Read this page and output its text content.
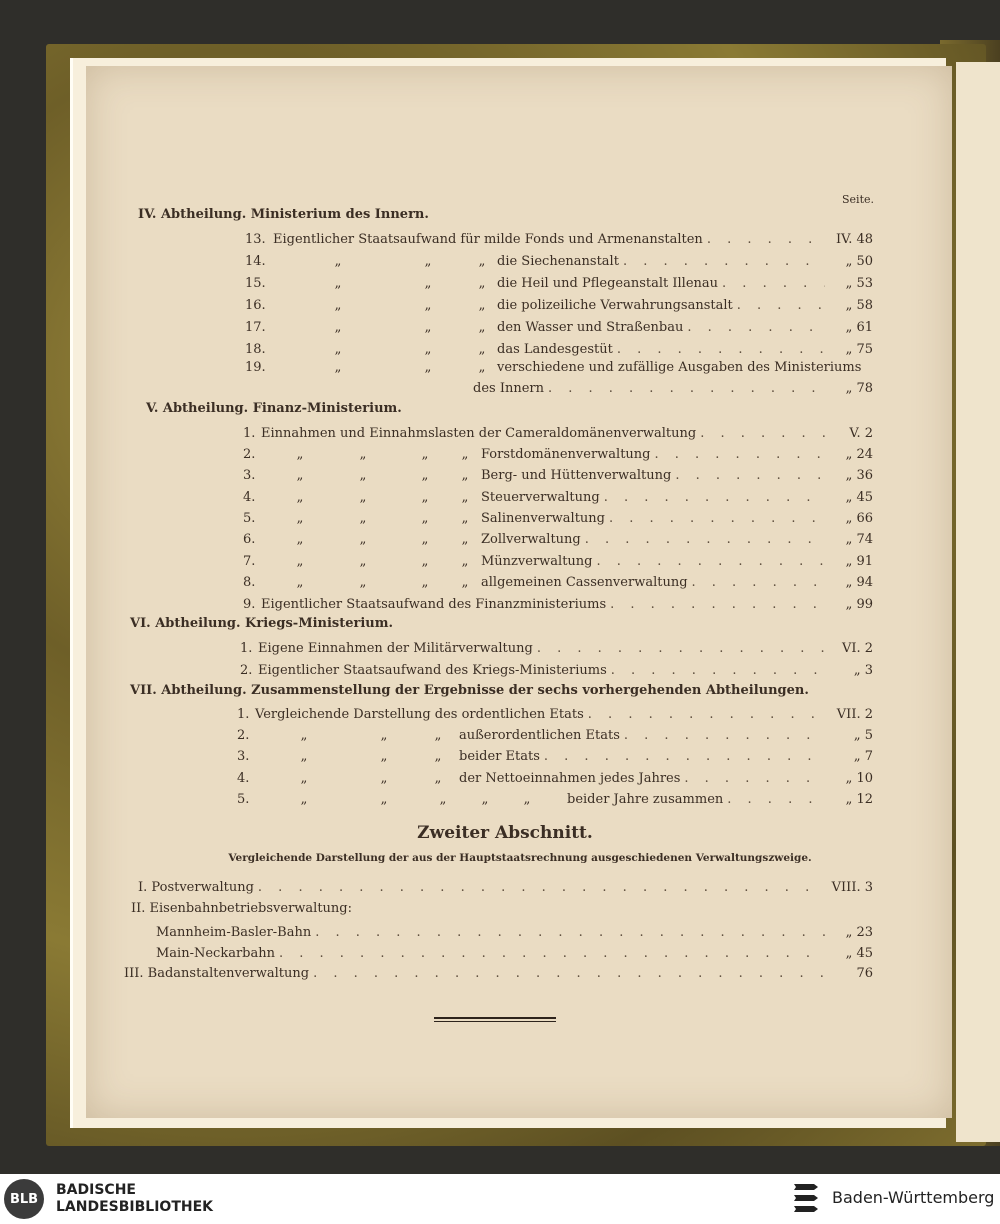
Seite.
IV. Abtheilung. Ministerium des Innern.
13. Eigentlicher Staatsaufwand für milde Fonds und Armenanstalten . . .	IV. 48
14.	„	„	„ die Siechenanstalt . . .	„ 50
15.	„	„	„ die Heil und Pflegeanstalt Illenau . . .	„ 53
16.	„	„	„ die polizeiliche Verwahrungsanstalt . . .	„ 58
17.	„	„	„ den Wasser und Straßenbau . . .	„ 61
18.	„	„	„ das Landesgestüt . . .	„ 75
19.	„	„	„ verschiedene und zufällige Ausgaben des Ministeriums
des Innern . . .	„ 78
V. Abtheilung. Finanz-Ministerium.
1. Einnahmen und Einnahmslasten der Cameraldomänenverwaltung . . .	V. 2
2.	„	„	„	„ Forstdomänenverwaltung . . .	„ 24
3.	„	„	„	„ Berg- und Hüttenverwaltung . . .	„ 36
4.	„	„	„	„ Steuerverwaltung . . .	„ 45
5.	„	„	„	„ Salinenverwaltung . . .	„ 66
6.	„	„	„	„ Zollverwaltung . . .	„ 74
7.	„	„	„	„ Münzverwaltung . . .	„ 91
8.	„	„	„	„ allgemeinen Cassenverwaltung . . .	„ 94
9. Eigentlicher Staatsaufwand des Finanzministeriums . . .	„ 99
VI. Abtheilung. Kriegs-Ministerium.
1. Eigene Einnahmen der Militärverwaltung . . .	VI. 2
2. Eigentlicher Staatsaufwand des Kriegs-Ministeriums . . .	„ 3
VII. Abtheilung. Zusammenstellung der Ergebnisse der sechs vorhergehenden Abtheilungen.
1. Vergleichende Darstellung des ordentlichen Etats . . .	VII. 2
2.	„	„	„	außerordentlichen Etats . . .	„ 5
3.	„	„	„	beider Etats . . .	„ 7
4.	„	„	„	der Nettoeinnahmen jedes Jahres . . .	„ 10
5.	„	„	„	„	„	beider Jahre zusammen . . .	„ 12
Zweiter Abschnitt.
Vergleichende Darstellung der aus der Hauptstaatsrechnung ausgeschiedenen Verwaltungszweige.
I. Postverwaltung . . .	VIII. 3
II. Eisenbahnbetriebsverwaltung:
Mannheim-Basler-Bahn . . .	„ 23
Main-Neckarbahn . . .	„ 45
III. Badanstaltenverwaltung . . .	76
BLB
BADISCHE
LANDESBIBLIOTHEK	Baden-Württemberg
